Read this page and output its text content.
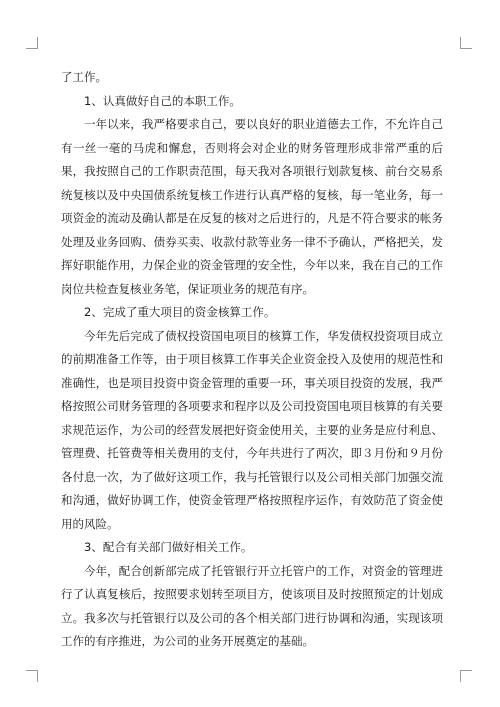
了工作。

1、认真做好自己的本职工作。

一年以来，我严格要求自己，要以良好的职业道德去工作，不允许自己有一丝一毫的马虎和懈怠，否则将会对企业的财务管理形成非常严重的后果，我按照自己的工作职责范围，每天我对各项银行划款复核、前台交易系统复核以及中央国债系统复核工作进行认真严格的复核，每一笔业务，每一项资金的流动及确认都是在反复的核对之后进行的，凡是不符合要求的帐务处理及业务回购、债券买卖、收款付款等业务一律不予确认，严格把关，发挥好职能作用，力保企业的资金管理的安全性，今年以来，我在自己的工作岗位共检查复核业务笔，保证项业务的规范有序。

2、完成了重大项目的资金核算工作。

今年先后完成了债权投资国电项目的核算工作，华发债权投资项目成立的前期准备工作等，由于项目核算工作事关企业资金投入及使用的规范性和准确性，也是项目投资中资金管理的重要一环，事关项目投资的发展，我严格按照公司财务管理的各项要求和程序以及公司投资国电项目核算的有关要求规范运作，为公司的经营发展把好资金使用关，主要的业务是应付利息、管理费、托管费等相关费用的支付，今年共进行了两次，即３月份和９月份各付息一次，为了做好这项工作，我与托管银行以及公司相关部门加强交流和沟通，做好协调工作，使资金管理严格按照程序运作，有效防范了资金使用的风险。

3、配合有关部门做好相关工作。

今年，配合创新部完成了托管银行开立托管户的工作，对资金的管理进行了认真复核后，按照要求划转至项目方，使该项目及时按照预定的计划成立。我多次与托管银行以及公司的各个相关部门进行协调和沟通，实现该项工作的有序推进，为公司的业务开展奠定的基础。
